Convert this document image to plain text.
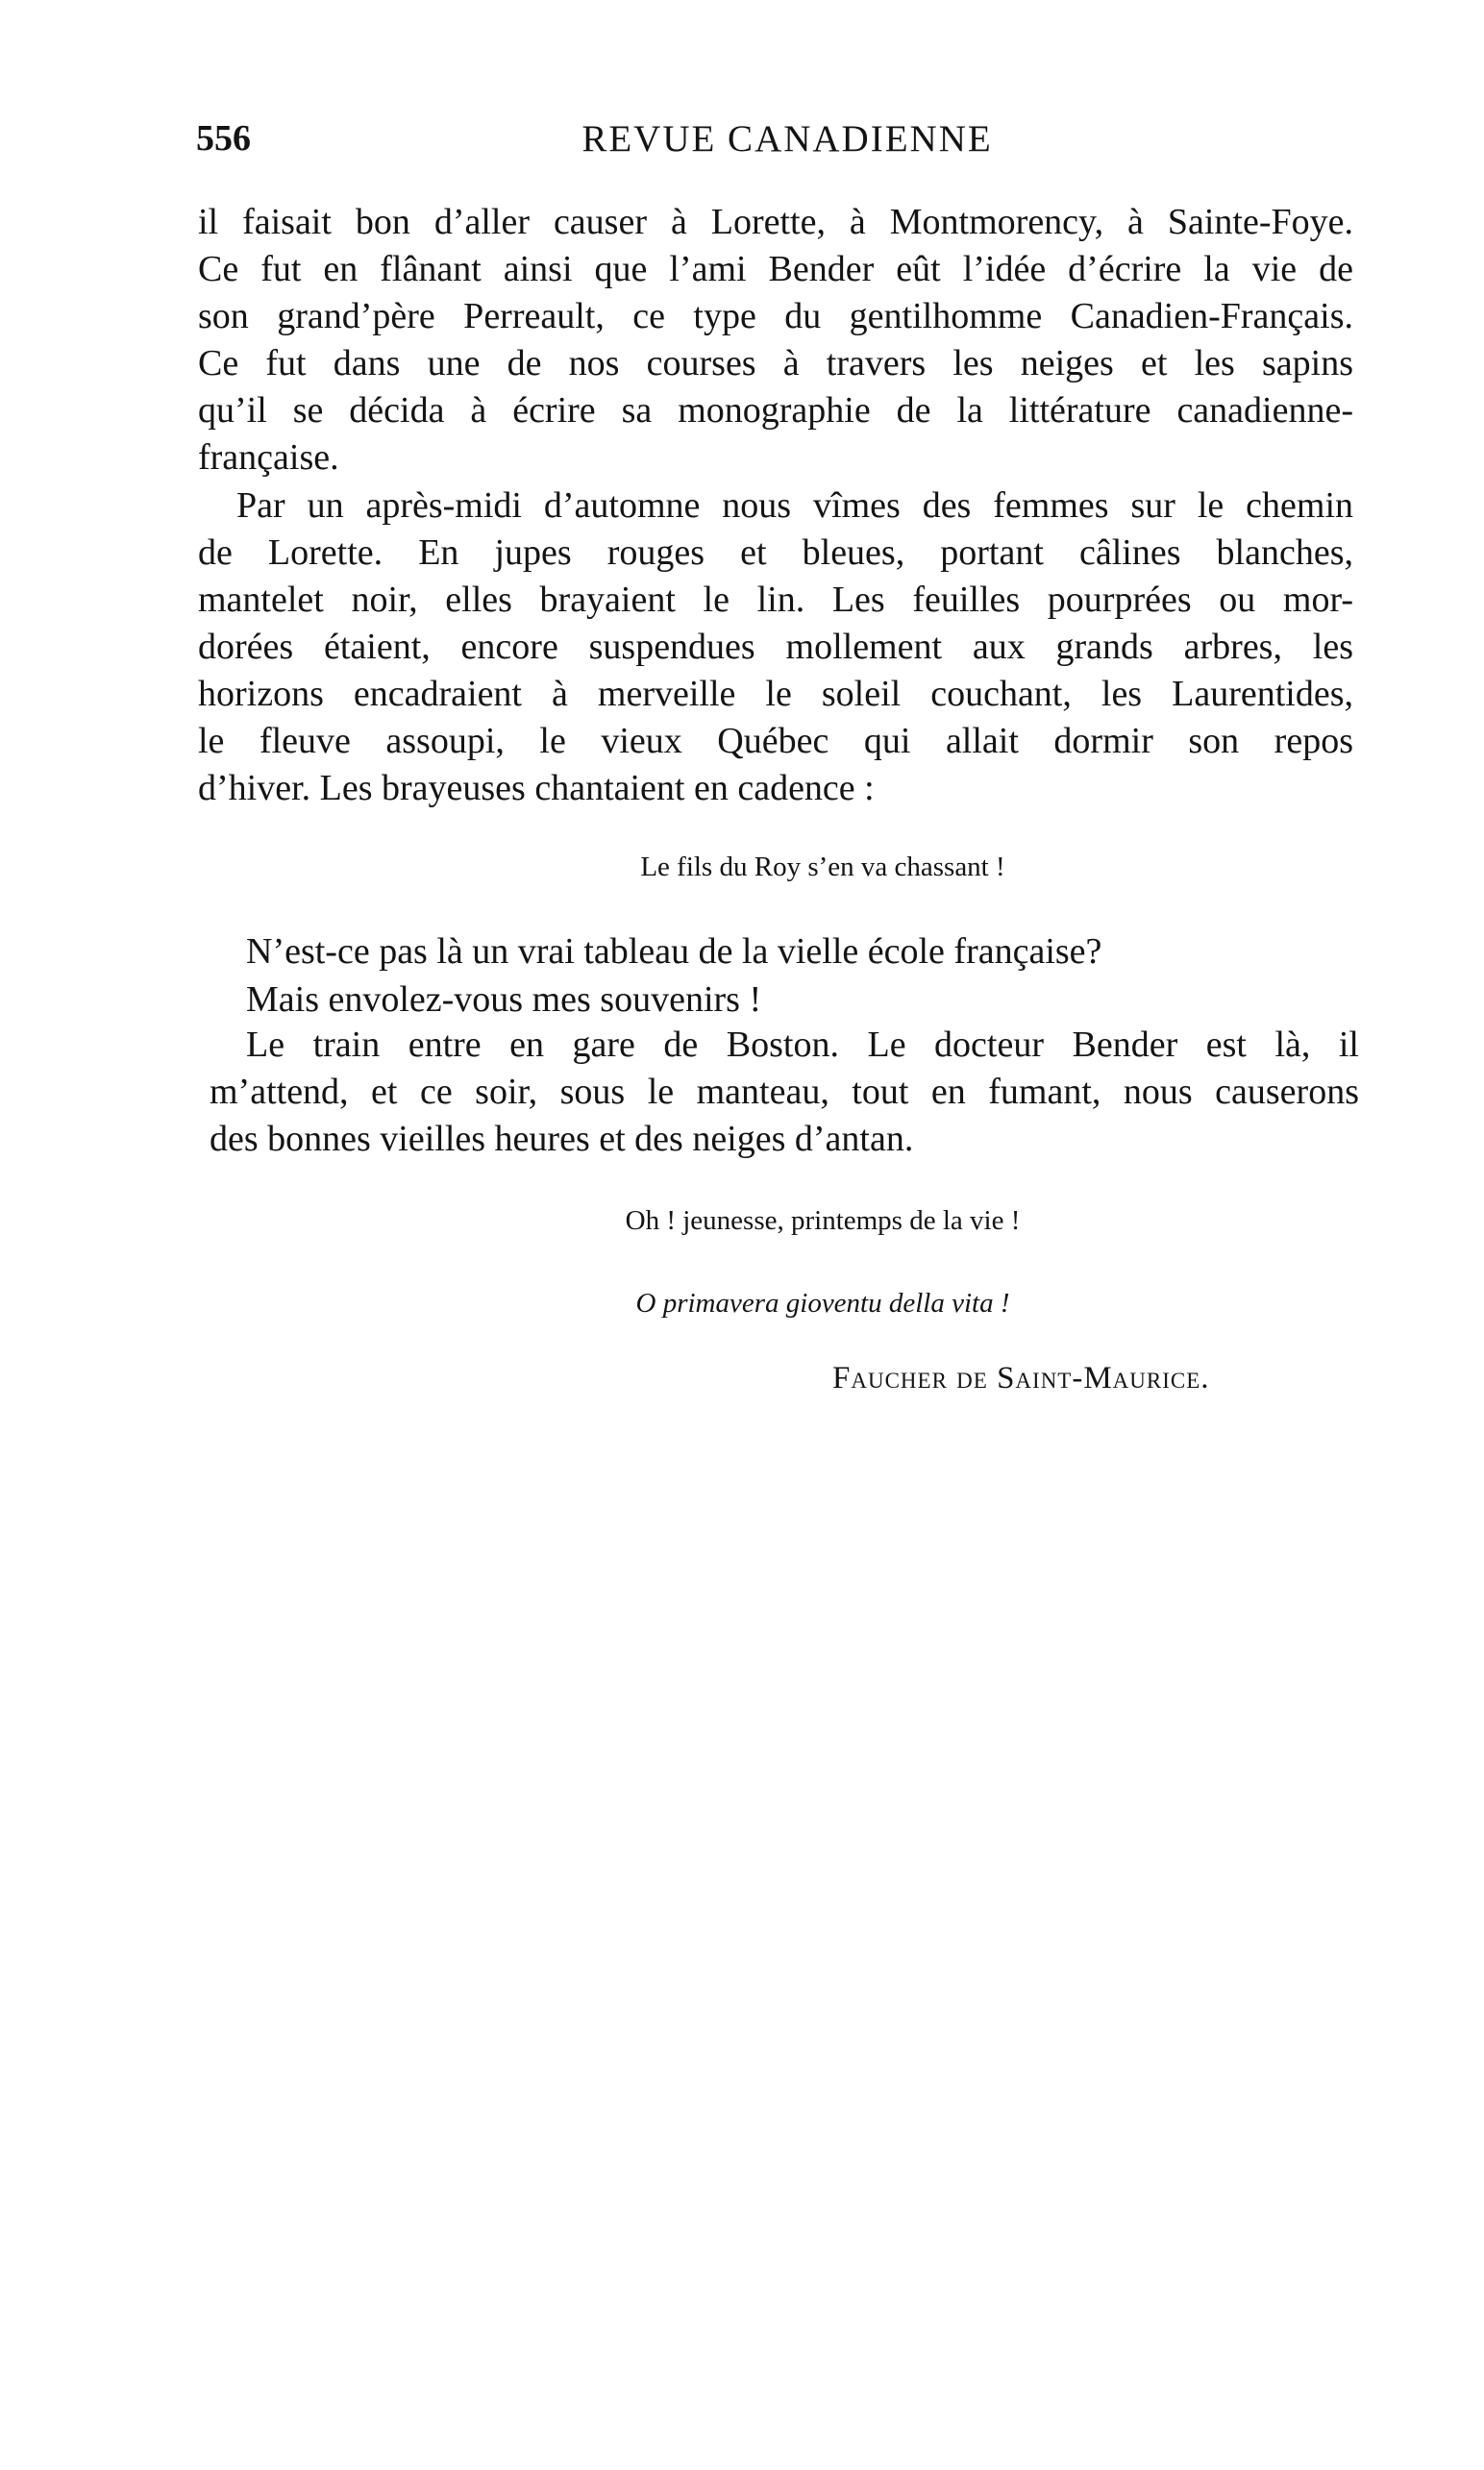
556	REVUE CANADIENNE
il faisait bon d’aller causer à Lorette, à Montmorency, à Sainte-Foye.
Ce fut en flânant ainsi que l’ami Bender eût l’idée d’écrire la vie de
son grand’père Perreault, ce type du gentilhomme Canadien-Français.
Ce fut dans une de nos courses à travers les neiges et les sapins
qu’il se décida à écrire sa monographie de la littérature canadienne-
française.
Par un après-midi d’automne nous vîmes des femmes sur le chemin
de Lorette. En jupes rouges et bleues, portant câlines blanches,
mantelet noir, elles brayaient le lin. Les feuilles pourprées ou mor-
dorées étaient, encore suspendues mollement aux grands arbres, les
horizons encadraient à merveille le soleil couchant, les Laurentides,
le fleuve assoupi, le vieux Québec qui allait dormir son repos
d’hiver. Les brayeuses chantaient en cadence :
Le fils du Roy s’en va chassant !
N’est-ce pas là un vrai tableau de la vielle école française?
Mais envolez-vous mes souvenirs !
Le train entre en gare de Boston. Le docteur Bender est là, il
m’attend, et ce soir, sous le manteau, tout en fumant, nous causerons
des bonnes vieilles heures et des neiges d’antan.
Oh ! jeunesse, printemps de la vie !
O primavera gioventu della vita !
Faucher de Saint-Maurice.
